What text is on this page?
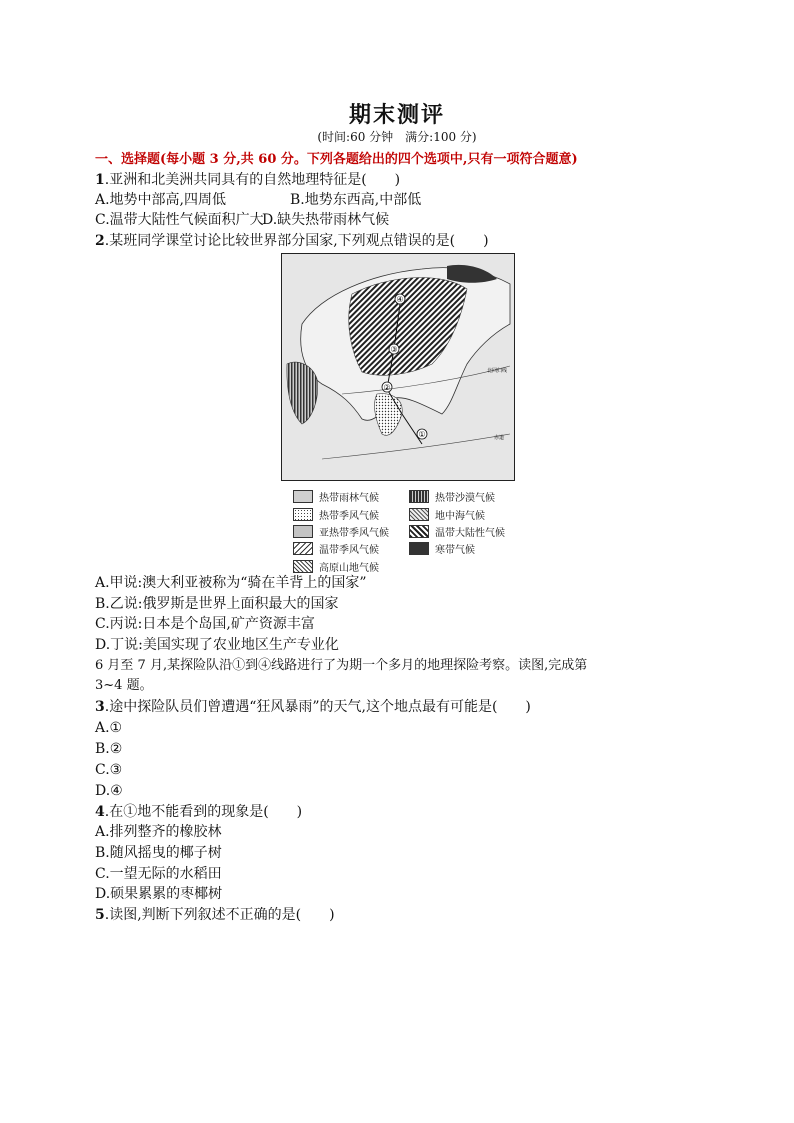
期末测评
(时间:60 分钟　满分:100 分)
一、选择题(每小题 3 分,共 60 分。下列各题给出的四个选项中,只有一项符合题意)
1.亚洲和北美洲共同具有的自然地理特征是(　　)
A.地势中部高,四周低	B.地势东西高,中部低
C.温带大陆性气候面积广大
D.缺失热带雨林气候
2.某班同学课堂讨论比较世界部分国家,下列观点错误的是(　　)
①
②
③
④
北回归线
赤道
热带雨林气候	热带沙漠气候
热带季风气候	地中海气候
亚热带季风气候	温带大陆性气候
温带季风气候	寒带气候
高原山地气候
A.甲说:澳大利亚被称为“骑在羊背上的国家”
B.乙说:俄罗斯是世界上面积最大的国家
C.丙说:日本是个岛国,矿产资源丰富
D.丁说:美国实现了农业地区生产专业化
6 月至 7 月,某探险队沿①到④线路进行了为期一个多月的地理探险考察。读图,完成第
3~4 题。
3.途中探险队员们曾遭遇“狂风暴雨”的天气,这个地点最有可能是(　　)
A.①
B.②
C.③
D.④
4.在①地不能看到的现象是(　　)
A.排列整齐的橡胶林
B.随风摇曳的椰子树
C.一望无际的水稻田
D.硕果累累的枣椰树
5.读图,判断下列叙述不正确的是(　　)
